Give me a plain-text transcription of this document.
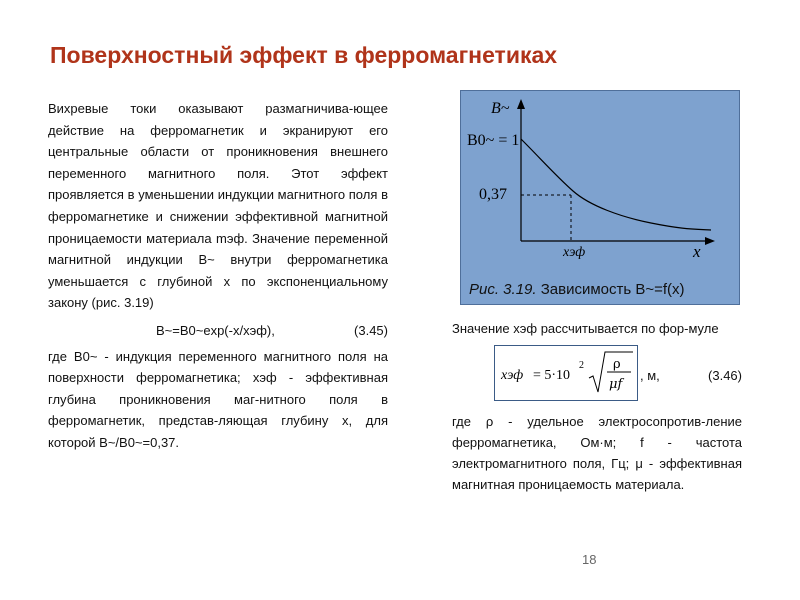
Поверхностный эффект в ферромагнетиках

Вихревые токи оказывают размагничива-ющее действие на ферромагнетик и экранируют его центральные области от проникновения внешнего переменного магнитного поля. Этот эффект проявляется в уменьшении индукции магнитного поля в ферромагнетике и снижении эффективной магнитной проницаемости материала mэф. Значение переменной магнитной индукции B~ внутри ферромагнетика уменьшается с глубиной x по экспоненциальному закону (рис. 3.19)

B~=B0~exp(-x/xэф),	(3.45)

где B0~ - индукция переменного магнитного поля на поверхности ферромагнетика; xэф - эффективная глубина проникновения маг-нитного поля в ферромагнетик, представ-ляющая глубину x, для которой B~/B0~=0,37.

B~
B0~ = 1
0,37
xэф	x
Рис. 3.19. Зависимость B~=f(x)

Значение xэф рассчитывается по фор-муле

xэф = 5·10
2 ρ
μf
, м,	(3.46)

где ρ - удельное электросопротив-ление ферромагнетика, Ом·м; f - частота электромагнитного поля, Гц; μ - эффективная магнитная проницаемость материала.

18
